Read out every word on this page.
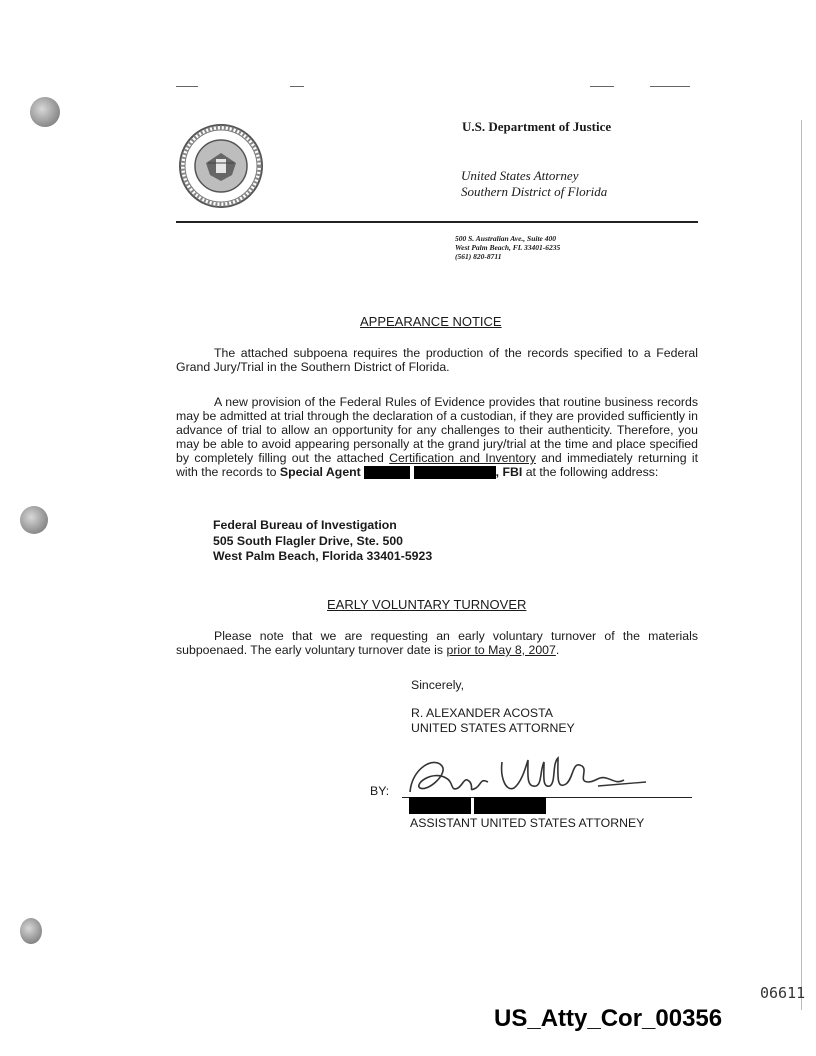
U.S. Department of Justice
United States Attorney
Southern District of Florida
500 S. Australian Ave., Suite 400
West Palm Beach, FL 33401-6235
(561) 820-8711
APPEARANCE NOTICE
The attached subpoena requires the production of the records specified to a Federal Grand Jury/Trial in the Southern District of Florida.
A new provision of the Federal Rules of Evidence provides that routine business records may be admitted at trial through the declaration of a custodian, if they are provided sufficiently in advance of trial to allow an opportunity for any challenges to their authenticity. Therefore, you may be able to avoid appearing personally at the grand jury/trial at the time and place specified by completely filling out the attached Certification and Inventory and immediately returning it with the records to Special Agent	, FBI at the following address:
Federal Bureau of Investigation
505 South Flagler Drive, Ste. 500
West Palm Beach, Florida 33401-5923
EARLY VOLUNTARY TURNOVER
Please note that we are requesting an early voluntary turnover of the materials subpoenaed. The early voluntary turnover date is prior to May 8, 2007.
Sincerely,
R. ALEXANDER ACOSTA
UNITED STATES ATTORNEY
BY:
ASSISTANT UNITED STATES ATTORNEY
06611
US_Atty_Cor_00356
